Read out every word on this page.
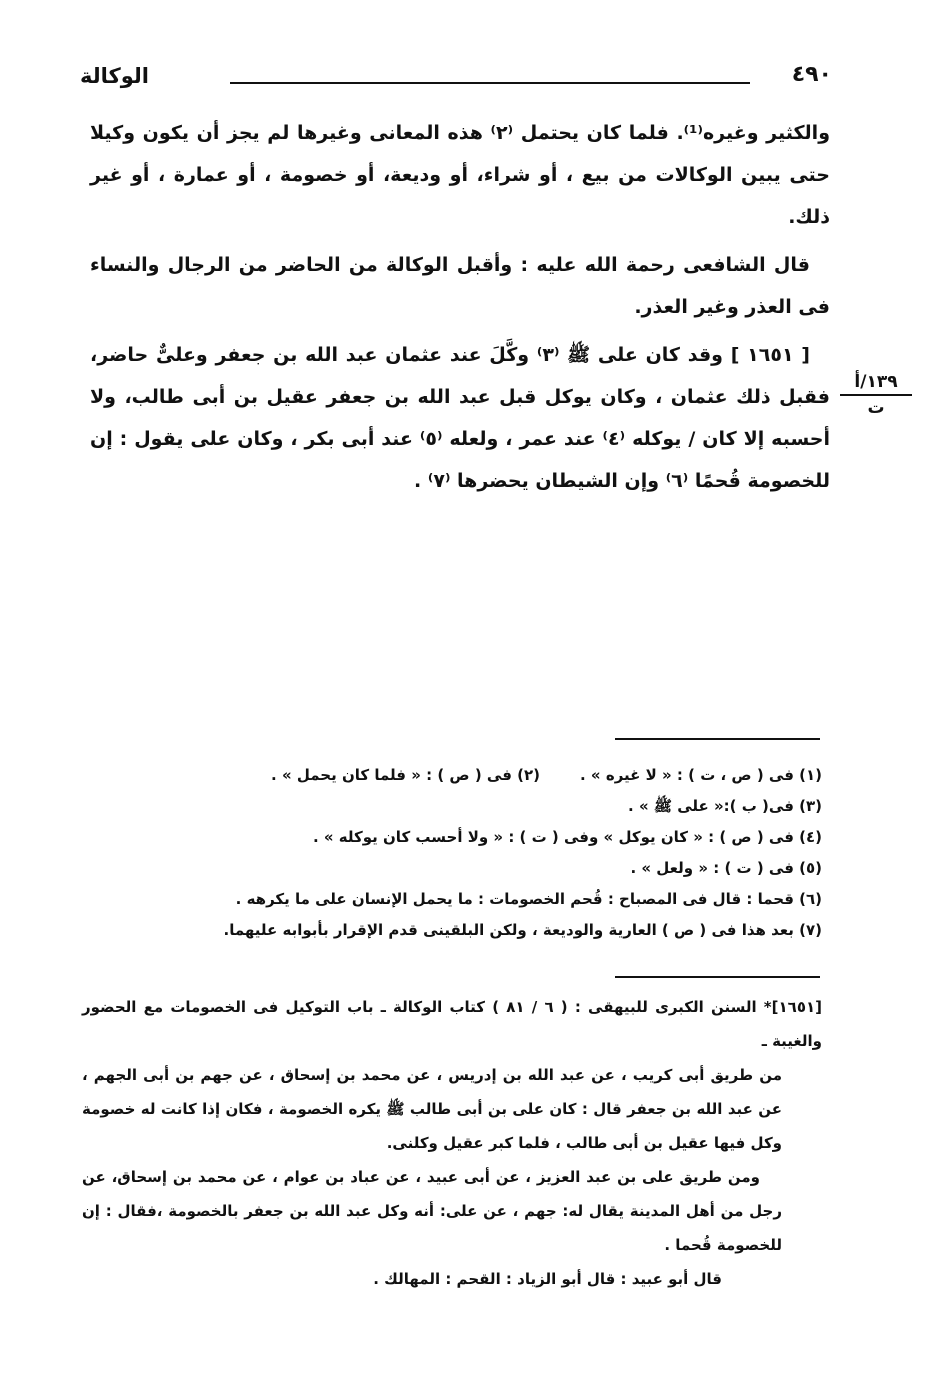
الوكالة	٤٩٠

والكثير وغيره⁽¹⁾. فلما كان يحتمل ⁽٢⁾ هذه المعانى وغيرها لم يجز أن يكون وكيلا حتى يبين الوكالات من بيع ، أو شراء، أو وديعة، أو خصومة ، أو عمارة ، أو غير ذلك.

قال الشافعى رحمة الله عليه : وأقبل الوكالة من الحاضر من الرجال والنساء فى العذر وغير العذر.

[ ١٦٥١ ] وقد كان على ﷺ ⁽٣⁾ وكَّلَ عند عثمان عبد الله بن جعفر وعلىٌّ حاضر، فقبل ذلك عثمان ، وكان يوكل قبل عبد الله بن جعفر عقيل بن أبى طالب، ولا أحسبه إلا كان / يوكله ⁽٤⁾ عند عمر ، ولعله ⁽٥⁾ عند أبى بكر ، وكان على يقول : إن للخصومة قُحمًا ⁽٦⁾ وإن الشيطان يحضرها ⁽٧⁾ .

١٣٩/أ
ت
(١) فى ( ص ، ت ) : « لا غيره » .
(٢) فى ( ص ) : « فلما كان يحمل » .
(٣) فى( ب ):« على ﷺ » .
(٤) فى ( ص ) : « كان يوكل » وفى ( ت ) : « ولا أحسب كان يوكله » .
(٥) فى ( ت ) : « ولعل » .
(٦) قحما : قال فى المصباح : قُحم الخصومات : ما يحمل الإنسان على ما يكرهه .
(٧) بعد هذا فى ( ص ) العارية والوديعة ، ولكن البلقينى قدم الإقرار بأبوابه عليهما.

[١٦٥١]* السنن الكبرى للبيهقى : ( ٦ / ٨١ ) كتاب الوكالة ـ باب التوكيل فى الخصومات مع الحضور والغيبة ـ

من طريق أبى كريب ، عن عبد الله بن إدريس ، عن محمد بن إسحاق ، عن جهم بن أبى الجهم ، عن عبد الله بن جعفر قال : كان على بن أبى طالب ﷺ يكره الخصومة ، فكان إذا كانت له خصومة وكل فيها عقيل بن أبى طالب ، فلما كبر عقيل وكلنى.

ومن طريق على بن عبد العزيز ، عن أبى عبيد ، عن عباد بن عوام ، عن محمد بن إسحاق، عن رجل من أهل المدينة يقال له: جهم ، عن على: أنه وكل عبد الله بن جعفر بالخصومة ،فقال : إن للخصومة قُحما .

قال أبو عبيد : قال أبو الزياد : القحم : المهالك .
